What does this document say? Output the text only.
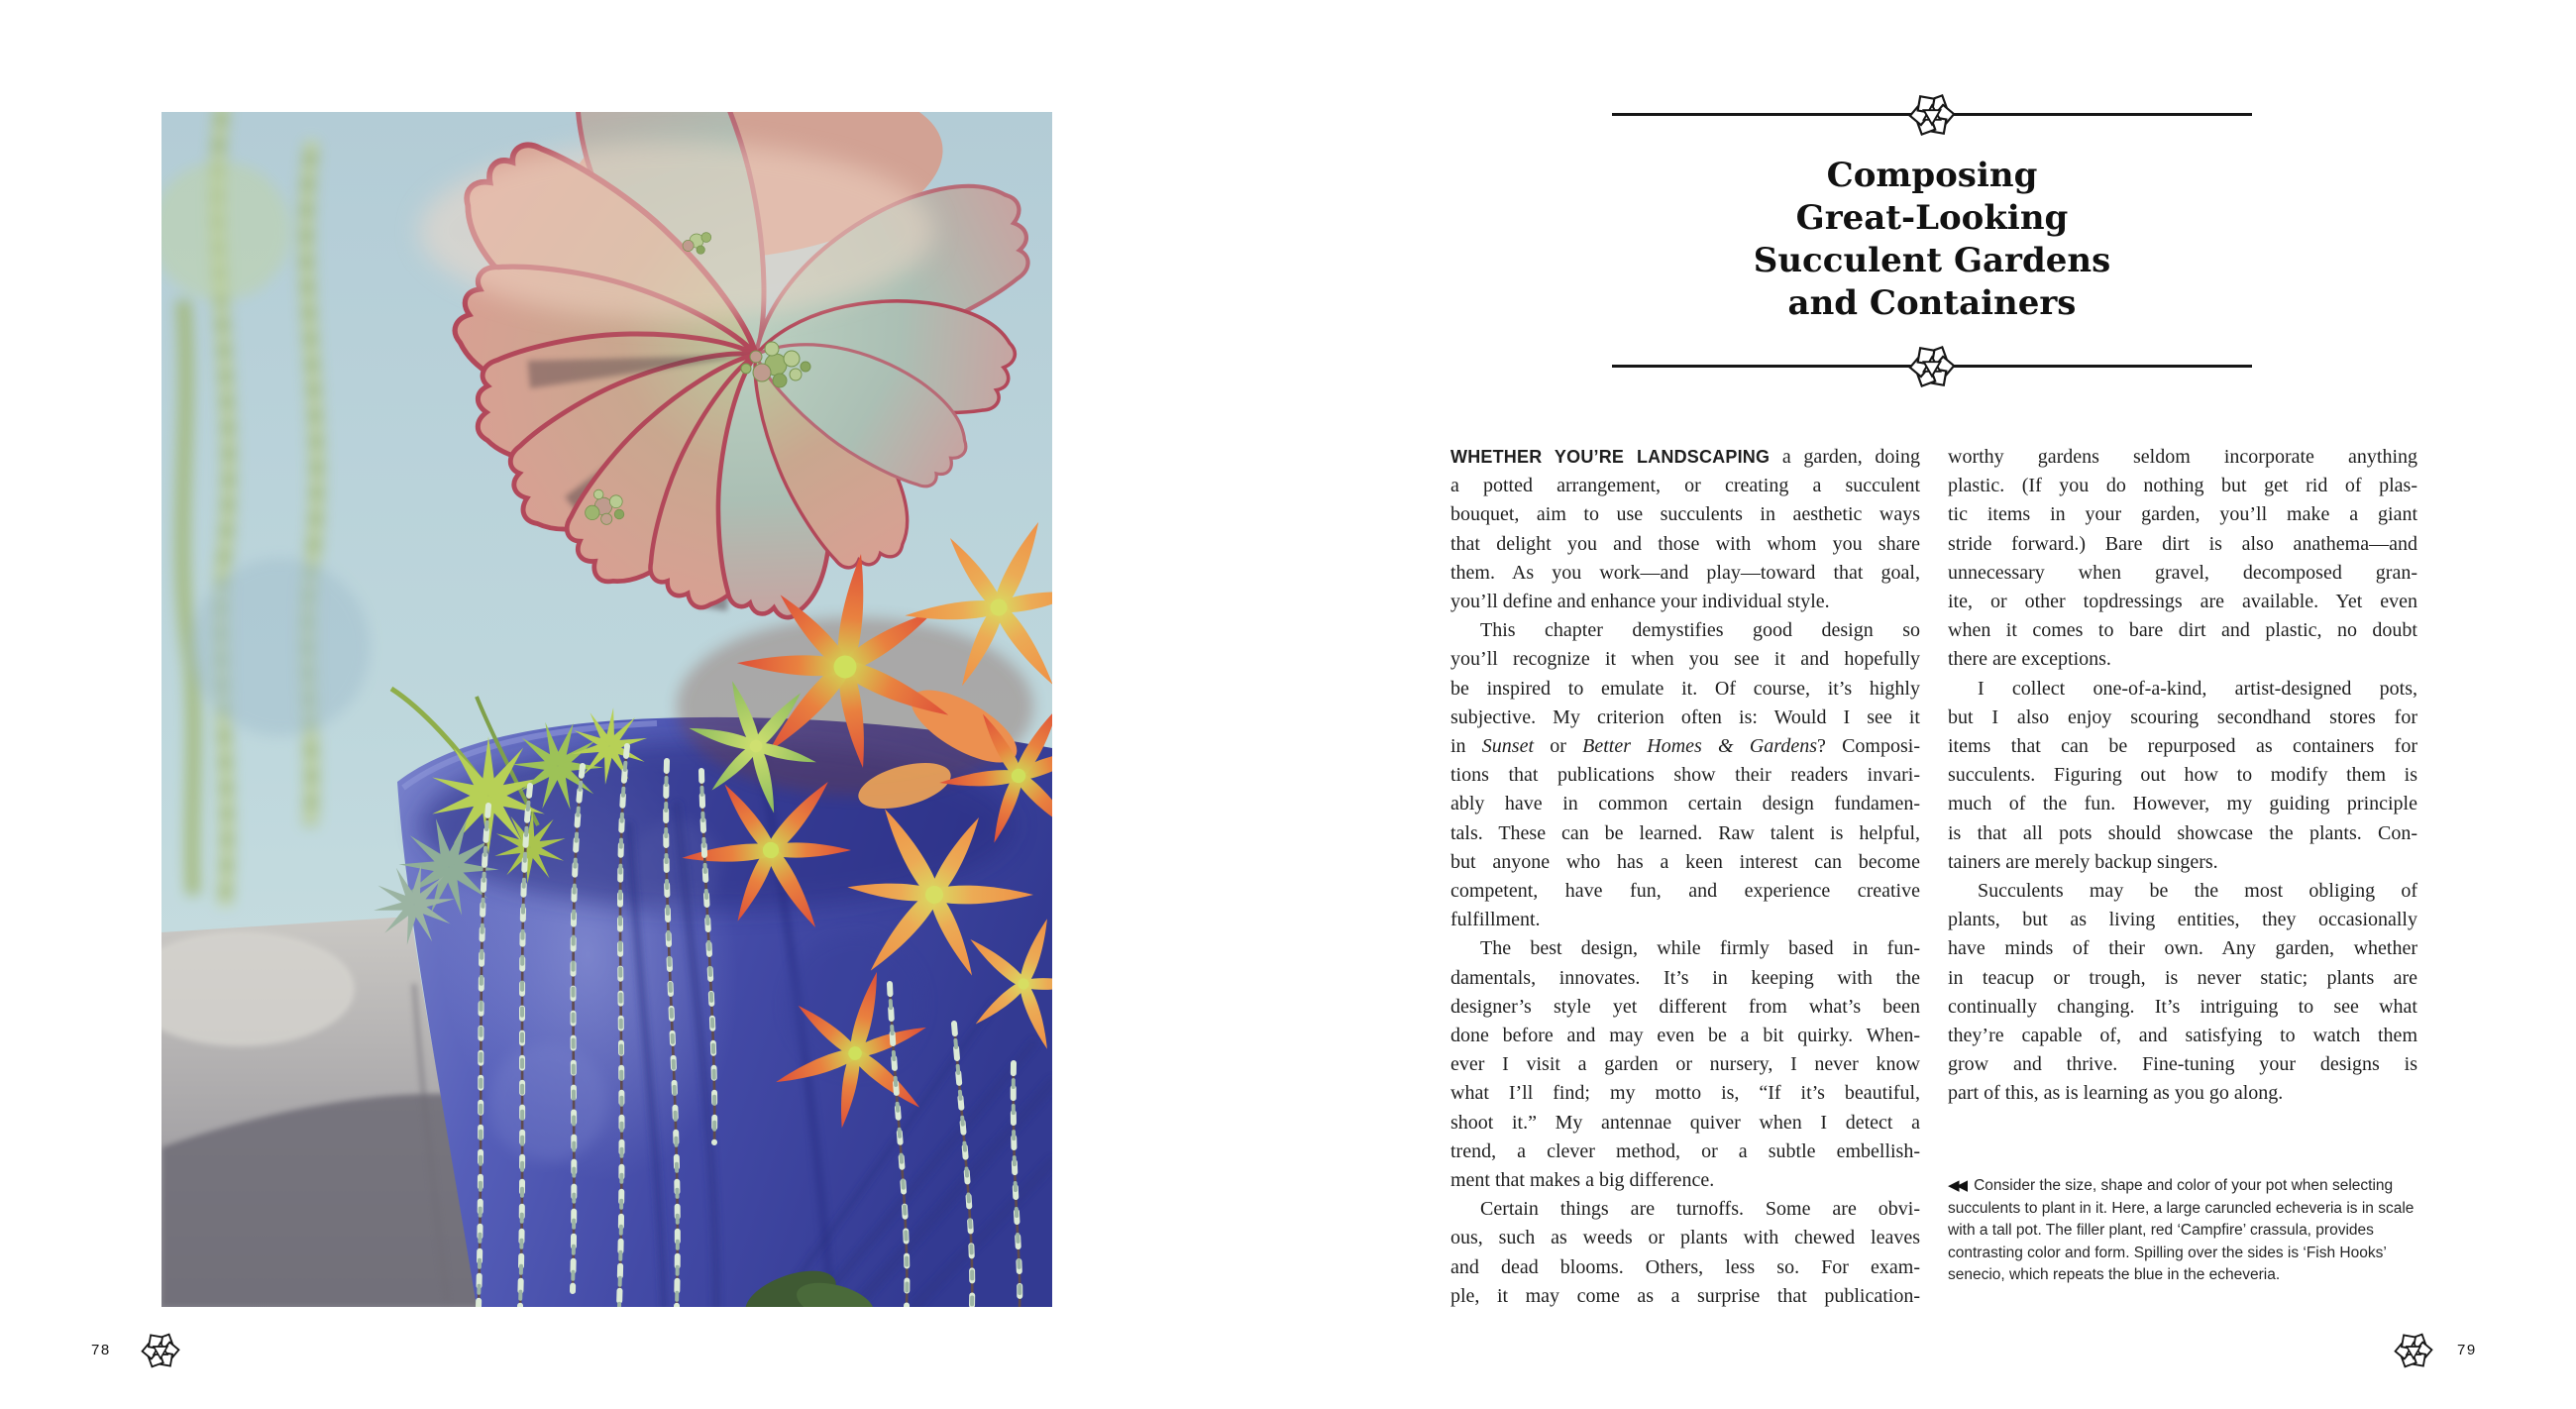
Composing
Great-Looking
Succulent Gardens
and Containers
WHETHER YOU’RE LANDSCAPING a garden, doing
a potted arrangement, or creating a succulent
bouquet, aim to use succulents in aesthetic ways
that delight you and those with whom you share
them. As you work—and play—toward that goal,
you’ll define and enhance your individual style.
This chapter demystifies good design so
you’ll recognize it when you see it and hopefully
be inspired to emulate it. Of course, it’s highly
subjective. My criterion often is: Would I see it
in Sunset or Better Homes & Gardens? Composi-
tions that publications show their readers invari-
ably have in common certain design fundamen-
tals. These can be learned. Raw talent is helpful,
but anyone who has a keen interest can become
competent, have fun, and experience creative
fulfillment.
The best design, while firmly based in fun-
damentals, innovates. It’s in keeping with the
designer’s style yet different from what’s been
done before and may even be a bit quirky. When-
ever I visit a garden or nursery, I never know
what I’ll find; my motto is, “If it’s beautiful,
shoot it.” My antennae quiver when I detect a
trend, a clever method, or a subtle embellish-
ment that makes a big difference.
Certain things are turnoffs. Some are obvi-
ous, such as weeds or plants with chewed leaves
and dead blooms. Others, less so. For exam-
ple, it may come as a surprise that publication-
worthy gardens seldom incorporate anything
plastic. (If you do nothing but get rid of plas-
tic items in your garden, you’ll make a giant
stride forward.) Bare dirt is also anathema—and
unnecessary when gravel, decomposed gran-
ite, or other topdressings are available. Yet even
when it comes to bare dirt and plastic, no doubt
there are exceptions.
I collect one-of-a-kind, artist-designed pots,
but I also enjoy scouring secondhand stores for
items that can be repurposed as containers for
succulents. Figuring out how to modify them is
much of the fun. However, my guiding principle
is that all pots should showcase the plants. Con-
tainers are merely backup singers.
Succulents may be the most obliging of
plants, but as living entities, they occasionally
have minds of their own. Any garden, whether
in teacup or trough, is never static; plants are
continually changing. It’s intriguing to see what
they’re capable of, and satisfying to watch them
grow and thrive. Fine-tuning your designs is
part of this, as is learning as you go along.
◀◀ Consider the size, shape and color of your pot when selecting succulents to plant in it. Here, a large caruncled echeveria is in scale with a tall pot. The filler plant, red ‘Campfire’ crassula, provides contrasting color and form. Spilling over the sides is ‘Fish Hooks’ senecio, which repeats the blue in the echeveria.
78	79
